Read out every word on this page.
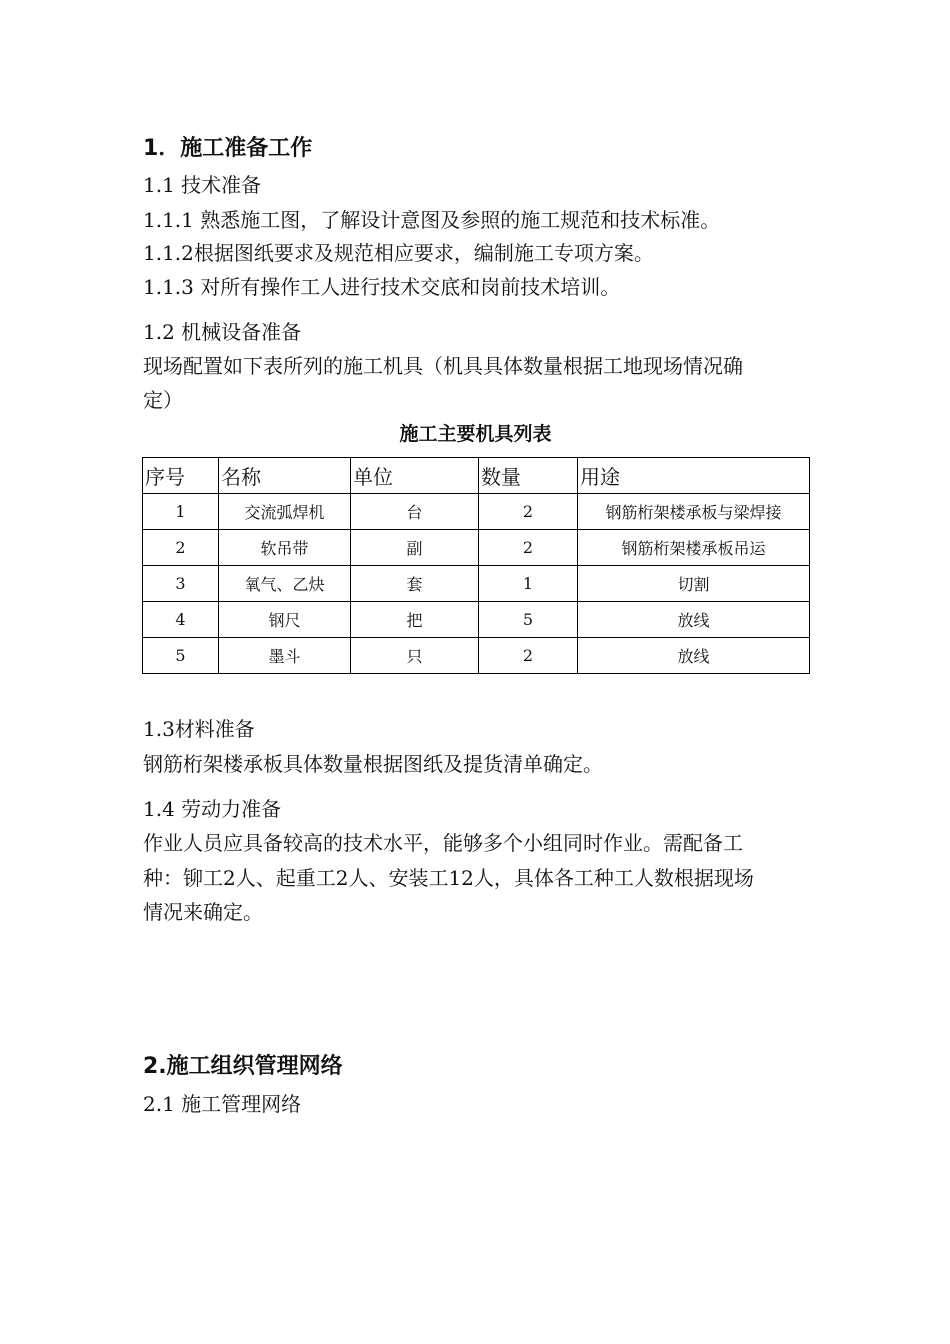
1．施工准备工作
1.1 技术准备
1.1.1 熟悉施工图，了解设计意图及参照的施工规范和技术标准。
1.1.2根据图纸要求及规范相应要求，编制施工专项方案。
1.1.3 对所有操作工人进行技术交底和岗前技术培训。
1.2 机械设备准备
现场配置如下表所列的施工机具（机具具体数量根据工地现场情况确
定）
施工主要机具列表
序号	名称	单位	数量	用途
1	交流弧焊机	台	2	钢筋桁架楼承板与梁焊接
2	软吊带	副	2	钢筋桁架楼承板吊运
3	氧气、乙炔	套	1	切割
4	钢尺	把	5	放线
5	墨斗	只	2	放线
1.3材料准备
钢筋桁架楼承板具体数量根据图纸及提货清单确定。
1.4 劳动力准备
作业人员应具备较高的技术水平，能够多个小组同时作业。需配备工
种：铆工2人、起重工2人、安装工12人，具体各工种工人数根据现场
情况来确定。
2.施工组织管理网络
2.1 施工管理网络
